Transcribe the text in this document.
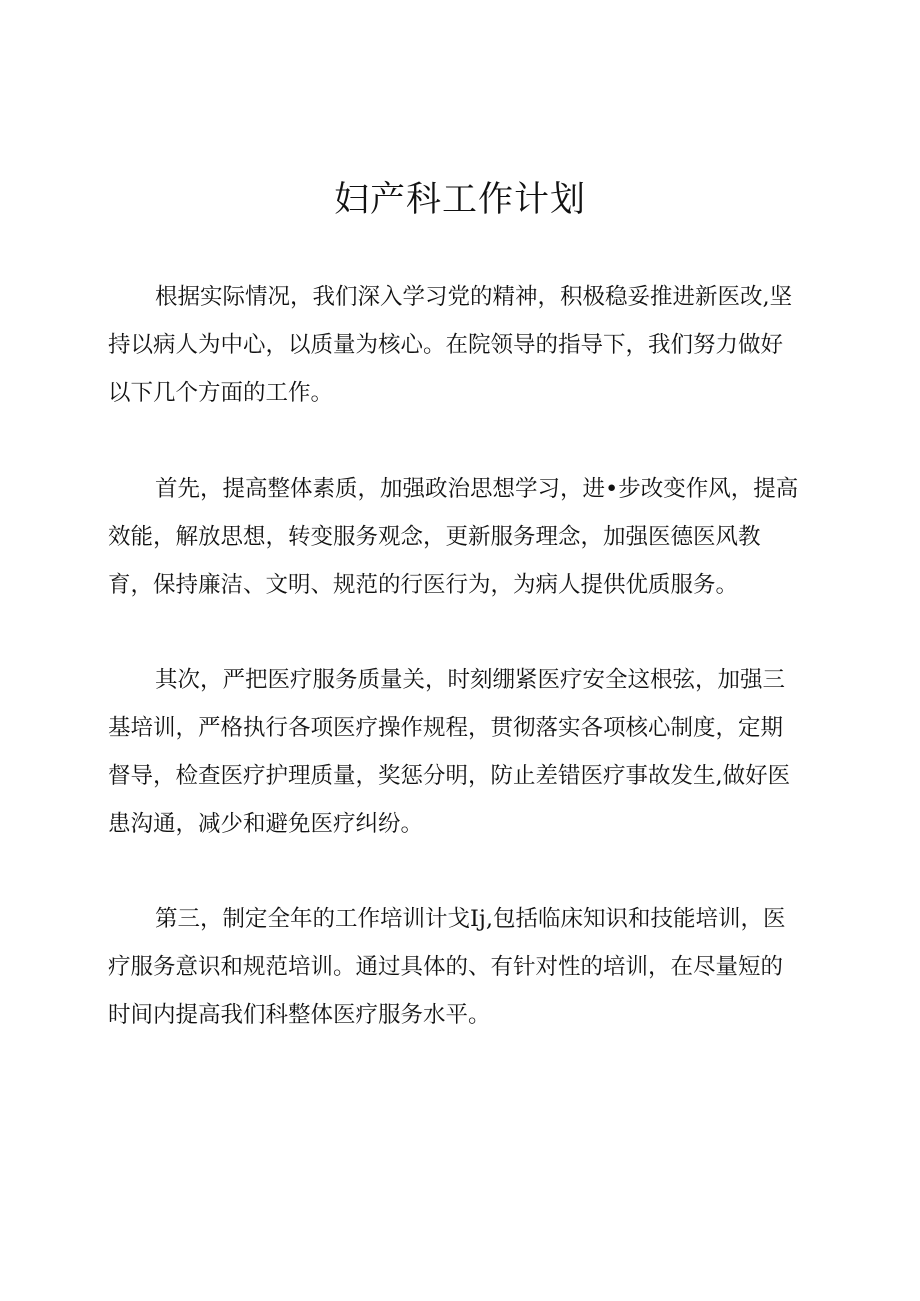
妇产科工作计划
根据实际情况，我们深入学习党的精神，积极稳妥推进新医改,坚
持以病人为中心，以质量为核心。在院领导的指导下，我们努力做好
以下几个方面的工作。
首先，提高整体素质，加强政治思想学习，进•步改变作风，提高
效能，解放思想，转变服务观念，更新服务理念，加强医德医风教
育，保持廉洁、文明、规范的行医行为，为病人提供优质服务。
其次，严把医疗服务质量关，时刻绷紧医疗安全这根弦，加强三
基培训，严格执行各项医疗操作规程，贯彻落实各项核心制度，定期
督导，检查医疗护理质量，奖惩分明，防止差错医疗事故发生,做好医
患沟通，减少和避免医疗纠纷。
第三，制定全年的工作培训计戈Ij,包括临床知识和技能培训，医
疗服务意识和规范培训。通过具体的、有针对性的培训，在尽量短的
时间内提高我们科整体医疗服务水平。
